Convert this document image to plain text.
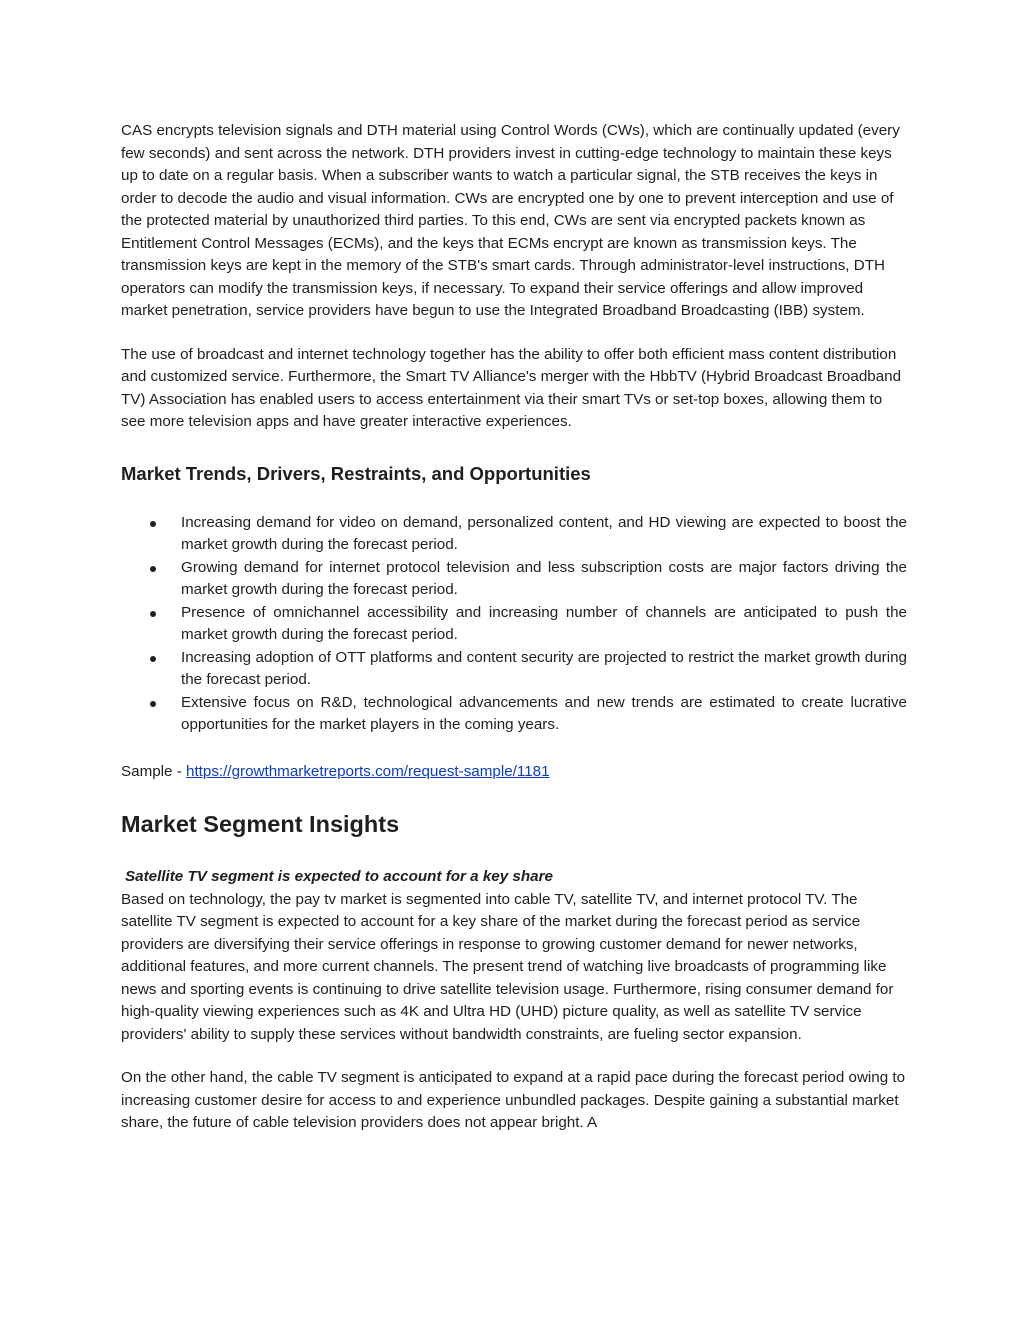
CAS encrypts television signals and DTH material using Control Words (CWs), which are continually updated (every few seconds) and sent across the network. DTH providers invest in cutting-edge technology to maintain these keys up to date on a regular basis. When a subscriber wants to watch a particular signal, the STB receives the keys in order to decode the audio and visual information. CWs are encrypted one by one to prevent interception and use of the protected material by unauthorized third parties. To this end, CWs are sent via encrypted packets known as Entitlement Control Messages (ECMs), and the keys that ECMs encrypt are known as transmission keys. The transmission keys are kept in the memory of the STB's smart cards. Through administrator-level instructions, DTH operators can modify the transmission keys, if necessary. To expand their service offerings and allow improved market penetration, service providers have begun to use the Integrated Broadband Broadcasting (IBB) system.

The use of broadcast and internet technology together has the ability to offer both efficient mass content distribution and customized service. Furthermore, the Smart TV Alliance's merger with the HbbTV (Hybrid Broadcast Broadband TV) Association has enabled users to access entertainment via their smart TVs or set-top boxes, allowing them to see more television apps and have greater interactive experiences.

Market Trends, Drivers, Restraints, and Opportunities
Increasing demand for video on demand, personalized content, and HD viewing are expected to boost the market growth during the forecast period.
Growing demand for internet protocol television and less subscription costs are major factors driving the market growth during the forecast period.
Presence of omnichannel accessibility and increasing number of channels are anticipated to push the market growth during the forecast period.
Increasing adoption of OTT platforms and content security are projected to restrict the market growth during the forecast period.
Extensive focus on R&D, technological advancements and new trends are estimated to create lucrative opportunities for the market players in the coming years.

Sample - https://growthmarketreports.com/request-sample/1181

Market Segment Insights
Satellite TV segment is expected to account for a key share

Based on technology, the pay tv market is segmented into cable TV, satellite TV, and internet protocol TV. The satellite TV segment is expected to account for a key share of the market during the forecast period as service providers are diversifying their service offerings in response to growing customer demand for newer networks, additional features, and more current channels. The present trend of watching live broadcasts of programming like news and sporting events is continuing to drive satellite television usage. Furthermore, rising consumer demand for high-quality viewing experiences such as 4K and Ultra HD (UHD) picture quality, as well as satellite TV service providers' ability to supply these services without bandwidth constraints, are fueling sector expansion.

On the other hand, the cable TV segment is anticipated to expand at a rapid pace during the forecast period owing to increasing customer desire for access to and experience unbundled packages. Despite gaining a substantial market share, the future of cable television providers does not appear bright. A
